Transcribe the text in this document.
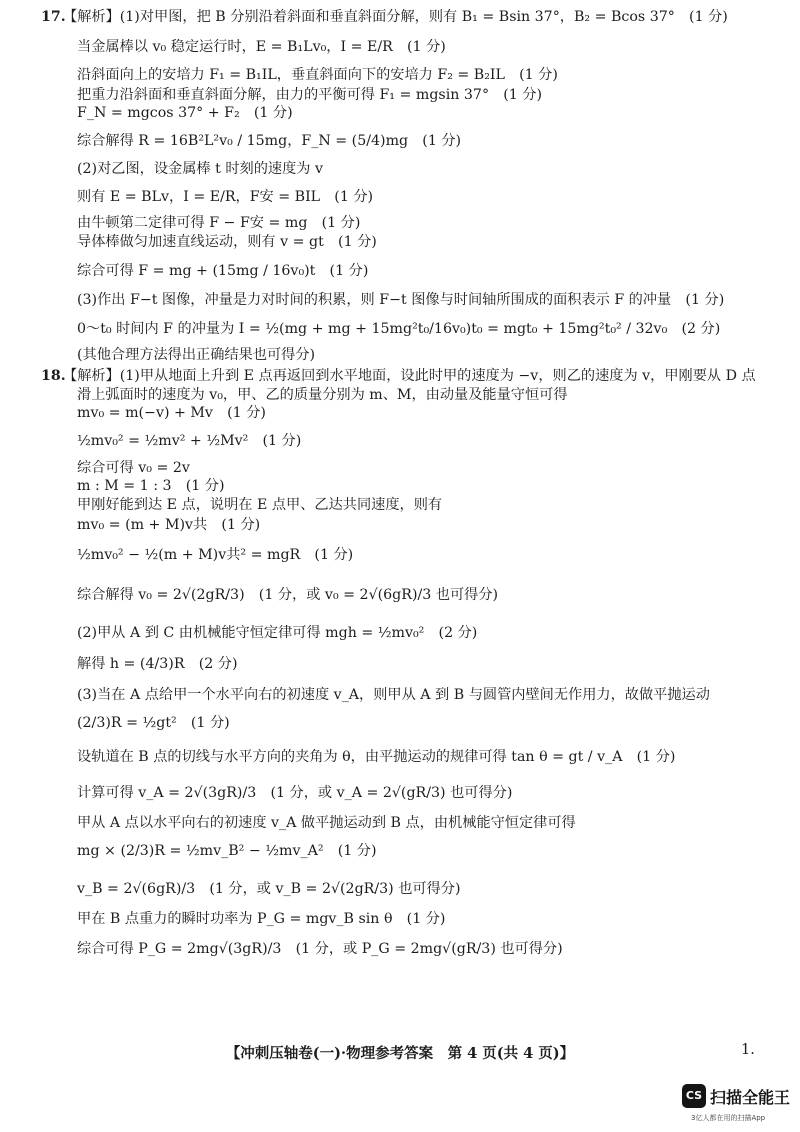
17.
【解析】(1)对甲图，把 B 分别沿着斜面和垂直斜面分解，则有 B₁ = Bsin 37°，B₂ = Bcos 37°　(1 分)
当金属棒以 v₀ 稳定运行时，E = B₁Lv₀，I = E/R　(1 分)
沿斜面向上的安培力 F₁ = B₁IL，垂直斜面向下的安培力 F₂ = B₂IL　(1 分)
把重力沿斜面和垂直斜面分解，由力的平衡可得 F₁ = mgsin 37°　(1 分)
F_N = mgcos 37° + F₂　(1 分)
综合解得 R = 16B²L²v₀ / 15mg，F_N = (5/4)mg　(1 分)
(2)对乙图，设金属棒 t 时刻的速度为 v
则有 E = BLv，I = E/R，F安 = BIL　(1 分)
由牛顿第二定律可得 F − F安 = mg　(1 分)
导体棒做匀加速直线运动，则有 v = gt　(1 分)
综合可得 F = mg + (15mg / 16v₀)t　(1 分)
(3)作出 F−t 图像，冲量是力对时间的积累，则 F−t 图像与时间轴所围成的面积表示 F 的冲量　(1 分)
0～t₀ 时间内 F 的冲量为 I = ½(mg + mg + 15mg²t₀/16v₀)t₀ = mgt₀ + 15mg²t₀² / 32v₀　(2 分)
(其他合理方法得出正确结果也可得分)
18.
【解析】(1)甲从地面上升到 E 点再返回到水平地面，设此时甲的速度为 −v，则乙的速度为 v，甲刚要从 D 点
滑上弧面时的速度为 v₀，甲、乙的质量分别为 m、M，由动量及能量守恒可得
mv₀ = m(−v) + Mv　(1 分)
½mv₀² = ½mv² + ½Mv²　(1 分)
综合可得 v₀ = 2v
m : M = 1 : 3　(1 分)
甲刚好能到达 E 点，说明在 E 点甲、乙达共同速度，则有
mv₀ = (m + M)v共　(1 分)
½mv₀² − ½(m + M)v共² = mgR　(1 分)
综合解得 v₀ = 2√(2gR/3)　(1 分，或 v₀ = 2√(6gR)/3 也可得分)
(2)甲从 A 到 C 由机械能守恒定律可得 mgh = ½mv₀²　(2 分)
解得 h = (4/3)R　(2 分)
(3)当在 A 点给甲一个水平向右的初速度 v_A，则甲从 A 到 B 与圆管内壁间无作用力，故做平抛运动
(2/3)R = ½gt²　(1 分)
设轨道在 B 点的切线与水平方向的夹角为 θ，由平抛运动的规律可得 tan θ = gt / v_A　(1 分)
计算可得 v_A = 2√(3gR)/3　(1 分，或 v_A = 2√(gR/3) 也可得分)
甲从 A 点以水平向右的初速度 v_A 做平抛运动到 B 点，由机械能守恒定律可得
mg × (2/3)R = ½mv_B² − ½mv_A²　(1 分)
v_B = 2√(6gR)/3　(1 分，或 v_B = 2√(2gR/3) 也可得分)
甲在 B 点重力的瞬时功率为 P_G = mgv_B sin θ　(1 分)
综合可得 P_G = 2mg√(3gR)/3　(1 分，或 P_G = 2mg√(gR/3) 也可得分)
【冲刺压轴卷(一)·物理参考答案　第 4 页(共 4 页)】	1.
CS 扫描全能王
3亿人都在用的扫描App
